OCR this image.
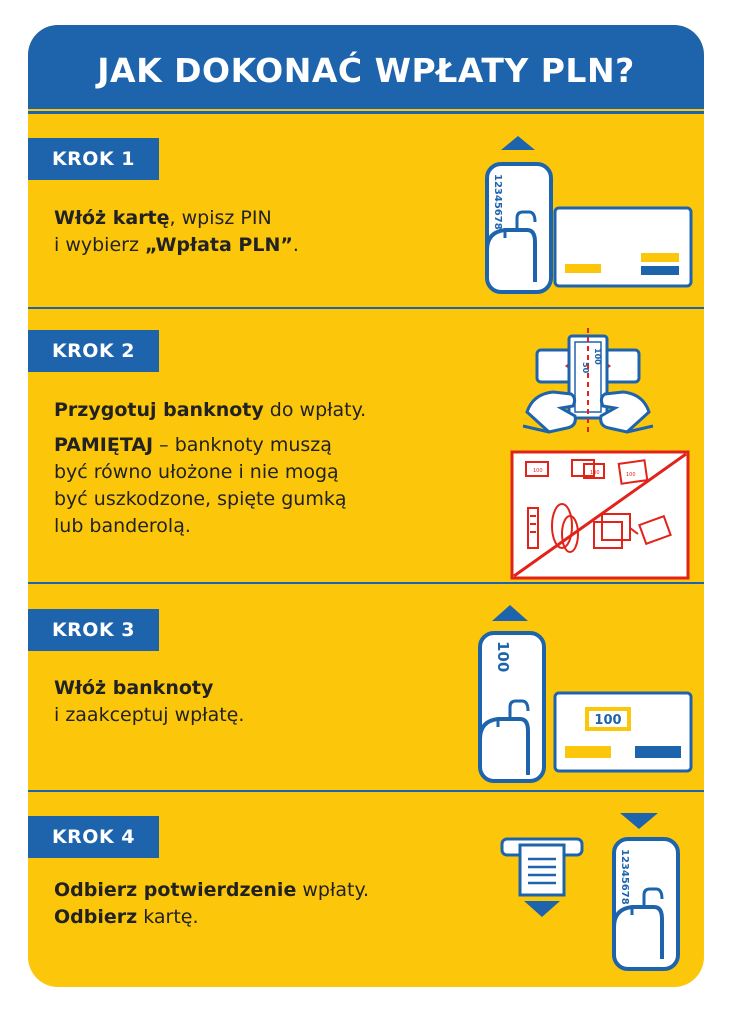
JAK DOKONAĆ WPŁATY PLN?
KROK 1

Włóż kartę, wpisz PIN

i wybierz „Wpłata PLN”.

12345678
KROK 2

Przygotuj banknoty do wpłaty.

PAMIĘTAJ – banknoty muszą

być równo ułożone i nie mogą

być uszkodzone, spięte gumką

lub banderolą.

100
50
100	100	100
KROK 3

Włóż banknoty

i zaakceptuj wpłatę.

100
100
KROK 4

Odbierz potwierdzenie wpłaty.

Odbierz kartę.

12345678
